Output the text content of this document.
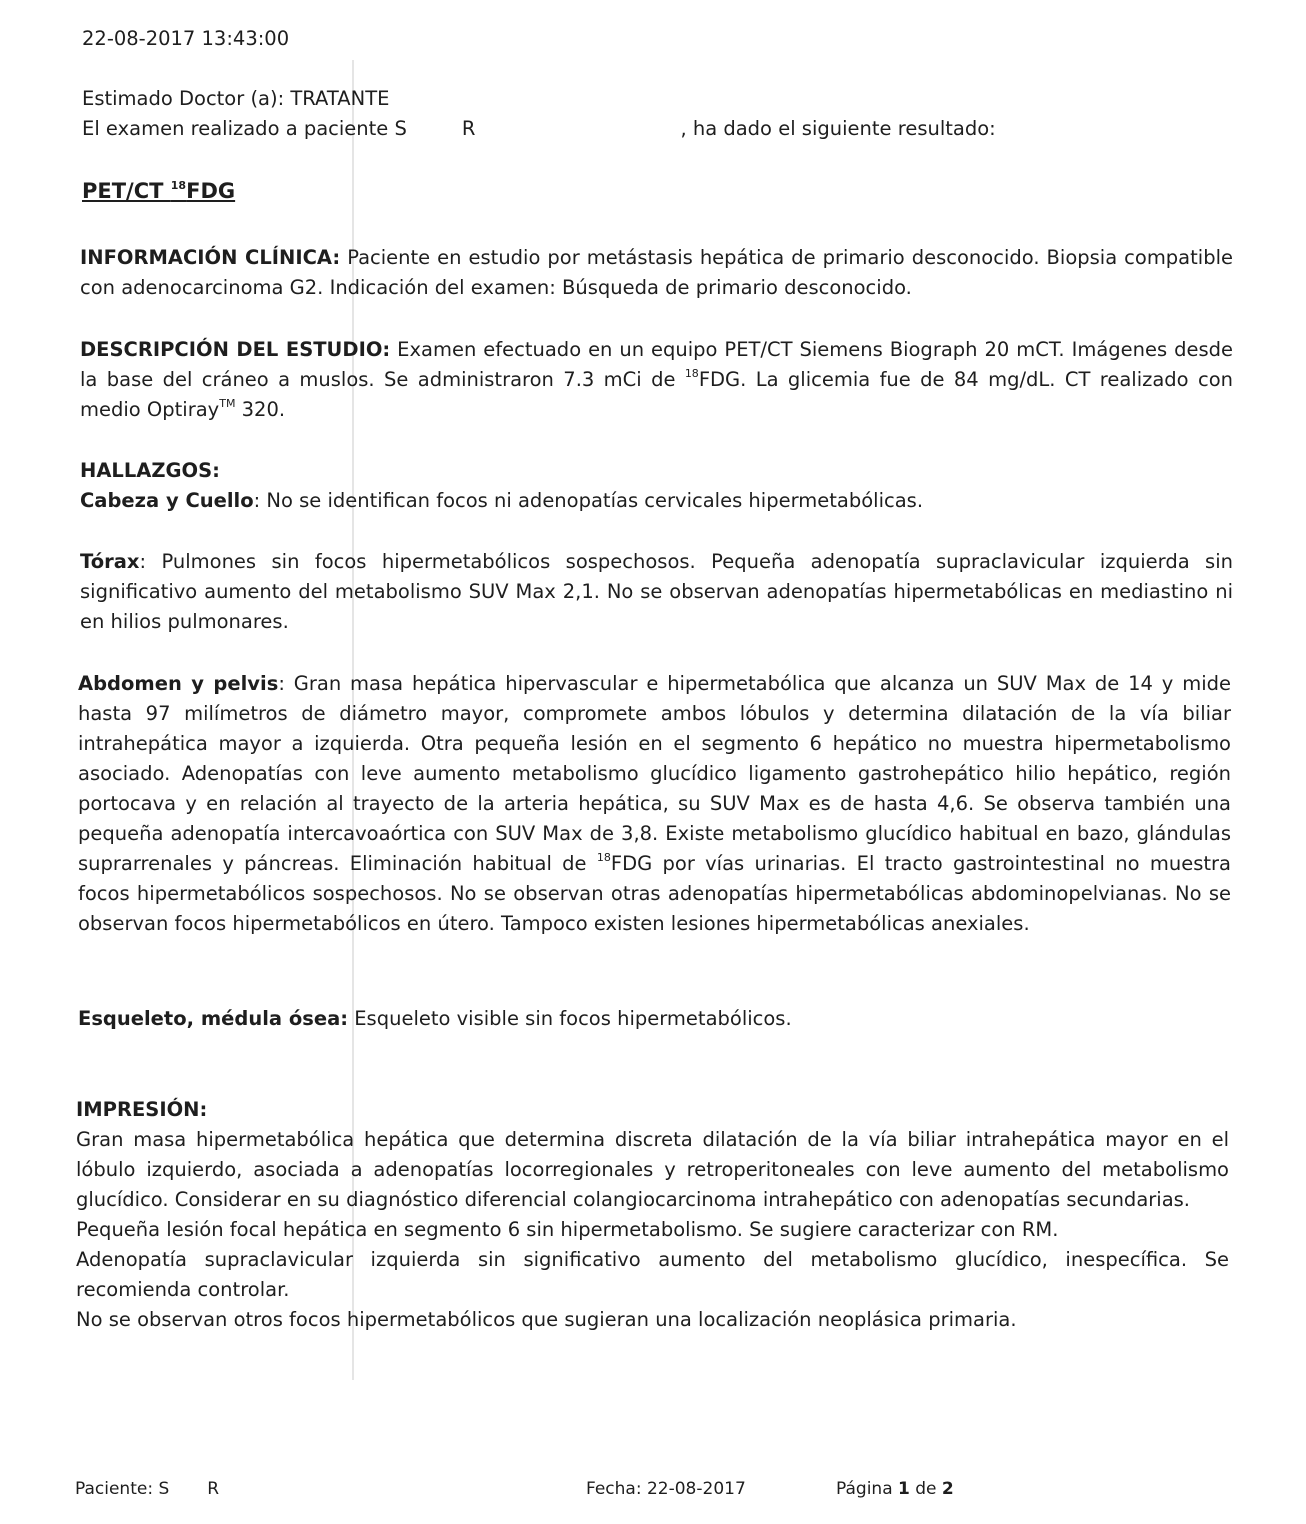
22-08-2017 13:43:00
Estimado Doctor (a): TRATANTE
El examen realizado a paciente S	R	, ha dado el siguiente resultado:
PET/CT $^{18}$FDG
INFORMACIÓN CLÍNICA: Paciente en estudio por metástasis hepática de primario desconocido. Biopsia compatible con adenocarcinoma G2. Indicación del examen: Búsqueda de primario desconocido.
DESCRIPCIÓN DEL ESTUDIO: Examen efectuado en un equipo PET/CT Siemens Biograph 20 mCT. Imágenes desde la base del cráneo a muslos. Se administraron 7.3 mCi de $^{18}$FDG. La glicemia fue de 84 mg/dL. CT realizado con medio Optiray™ 320.
HALLAZGOS:
Cabeza y Cuello: No se identifican focos ni adenopatías cervicales hipermetabólicas.
Tórax: Pulmones sin focos hipermetabólicos sospechosos. Pequeña adenopatía supraclavicular izquierda sin significativo aumento del metabolismo SUV Max 2,1. No se observan adenopatías hipermetabólicas en mediastino ni en hilios pulmonares.
Abdomen y pelvis: Gran masa hepática hipervascular e hipermetabólica que alcanza un SUV Max de 14 y mide hasta 97 milímetros de diámetro mayor, compromete ambos lóbulos y determina dilatación de la vía biliar intrahepática mayor a izquierda. Otra pequeña lesión en el segmento 6 hepático no muestra hipermetabolismo asociado. Adenopatías con leve aumento metabolismo glucídico ligamento gastrohepático hilio hepático, región portocava y en relación al trayecto de la arteria hepática, su SUV Max es de hasta 4,6. Se observa también una pequeña adenopatía intercavoaórtica con SUV Max de 3,8. Existe metabolismo glucídico habitual en bazo, glándulas suprarrenales y páncreas. Eliminación habitual de $^{18}$FDG por vías urinarias. El tracto gastrointestinal no muestra focos hipermetabólicos sospechosos. No se observan otras adenopatías hipermetabólicas abdominopelvianas. No se observan focos hipermetabólicos en útero. Tampoco existen lesiones hipermetabólicas anexiales.
Esqueleto, médula ósea: Esqueleto visible sin focos hipermetabólicos.
IMPRESIÓN:
Gran masa hipermetabólica hepática que determina discreta dilatación de la vía biliar intrahepática mayor en el lóbulo izquierdo, asociada a adenopatías locorregionales y retroperitoneales con leve aumento del metabolismo glucídico. Considerar en su diagnóstico diferencial colangiocarcinoma intrahepático con adenopatías secundarias.
Pequeña lesión focal hepática en segmento 6 sin hipermetabolismo. Se sugiere caracterizar con RM.
Adenopatía supraclavicular izquierda sin significativo aumento del metabolismo glucídico, inespecífica. Se recomienda controlar.
No se observan otros focos hipermetabólicos que sugieran una localización neoplásica primaria.
Paciente: S R	Fecha: 22-08-2017	Página 1 de 2
